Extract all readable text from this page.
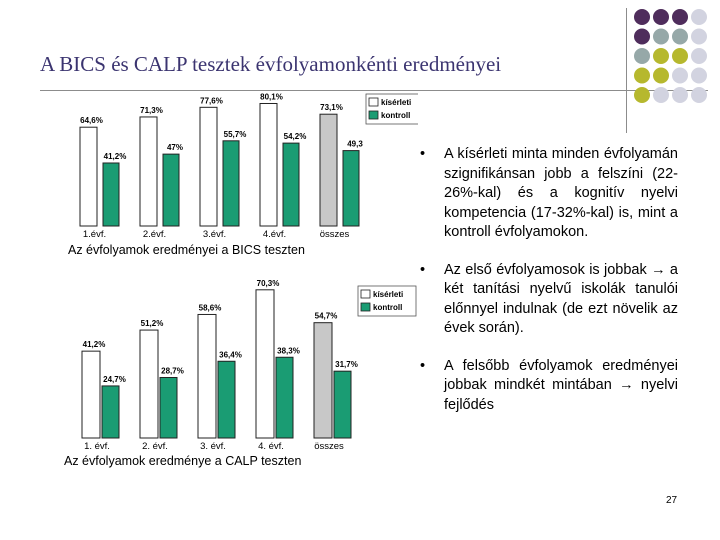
A BICS és CALP tesztek évfolyamonkénti eredményei
64,6%
41,2%
1.évf.
71,3%
47%
2.évf.
77,6%
55,7%
3.évf.
80,1%
54,2%
4.évf.
73,1%
49,3
összes
kísérleti
kontroll
Az évfolyamok eredményei a BICS teszten
41,2%
24,7%
1. évf.
51,2%
28,7%
2. évf.
58,6%
36,4%
3. évf.
70,3%
38,3%
4. évf.
54,7%
31,7%
összes
kísérleti
kontroll
Az évfolyamok eredménye a CALP teszten
•	A kísérleti minta minden évfolyamán szignifikánsan jobb a felszíni (22-26%-kal) és a kognitív nyelvi kompetencia (17-32%-kal) is, mint a kontroll évfolyamokon.
•	Az első évfolyamosok is jobbak → a két tanítási nyelvű iskolák tanulói előnnyel indulnak (de ezt növelik az évek során).
•	A felsőbb évfolyamok eredményei jobbak mindkét mintában → nyelvi fejlődés
27
